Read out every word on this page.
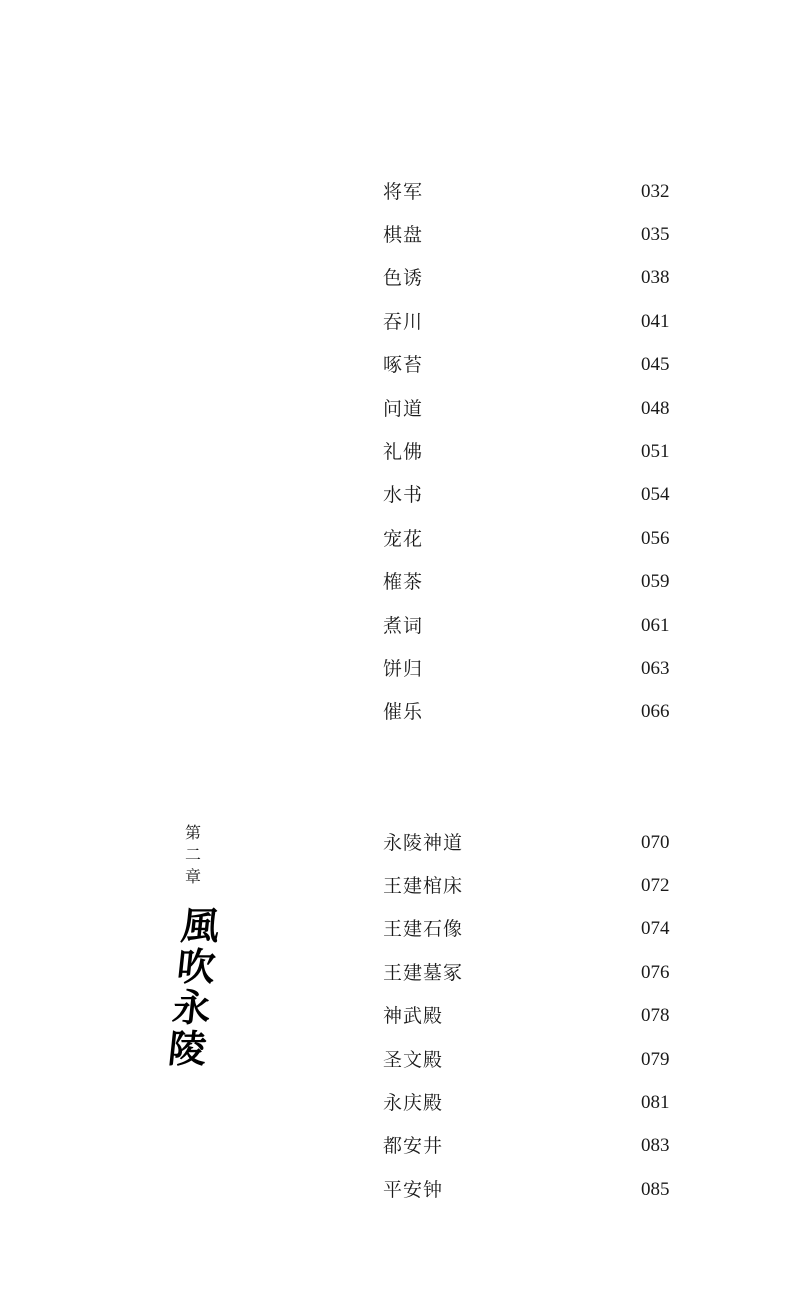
将军	032
棋盘	035
色诱	038
吞川	041
啄苔	045
问道	048
礼佛	051
水书	054
宠花	056
榷茶	059
煮词	061
饼归	063
催乐	066
第
二
章
風
吹
永
陵
永陵神道	070
王建棺床	072
王建石像	074
王建墓冢	076
神武殿	078
圣文殿	079
永庆殿	081
都安井	083
平安钟	085
